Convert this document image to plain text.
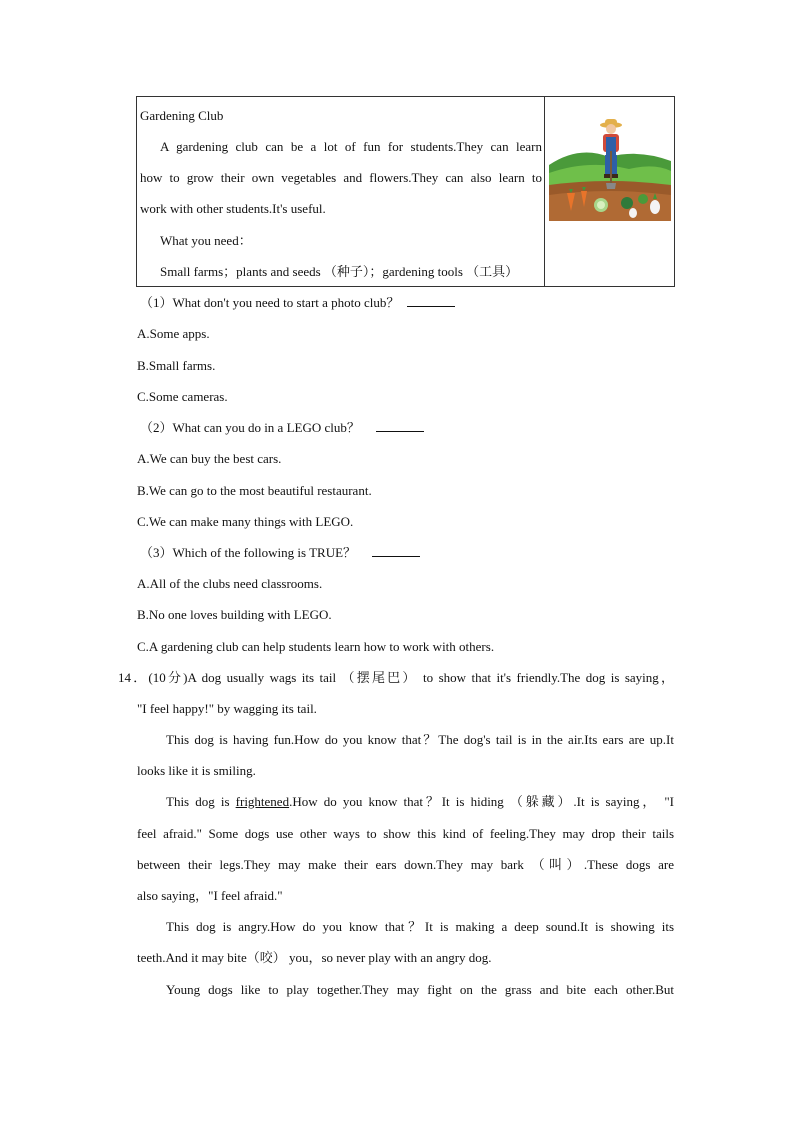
Gardening Club
A gardening club can be a lot of fun for students.They can learn
how to grow their own vegetables and flowers.They can also learn to
work with other students.It's useful.
What you need：
Small farms；plants and seeds （种子）；gardening tools （工具）
（1）What don't you need to start a photo club？
A.Some apps.
B.Small farms.
C.Some cameras.
（2）What can you do in a LEGO club？
A.We can buy the best cars.
B.We can go to the most beautiful restaurant.
C.We can make many things with LEGO.
（3）Which of the following is TRUE？
A.All of the clubs need classrooms.
B.No one loves building with LEGO.
C.A gardening club can help students learn how to work with others.
14．(10分)A dog usually wags its tail （摆尾巴） to show that it's friendly.The dog is saying，
"I feel happy!" by wagging its tail.
This dog is having fun.How do you know that？The dog's tail is in the air.Its ears are up.It
looks like it is smiling.
This dog is frightened.How do you know that？It is hiding （躲藏）.It is saying， "I
feel afraid." Some dogs use other ways to show this kind of feeling.They may drop their tails
between their legs.They may make their ears down.They may bark （叫）.These dogs are
also saying，"I feel afraid."
This dog is angry.How do you know that？It is making a deep sound.It is showing its
teeth.And it may bite（咬） you，so never play with an angry dog.
Young dogs like to play together.They may fight on the grass and bite each other.But
